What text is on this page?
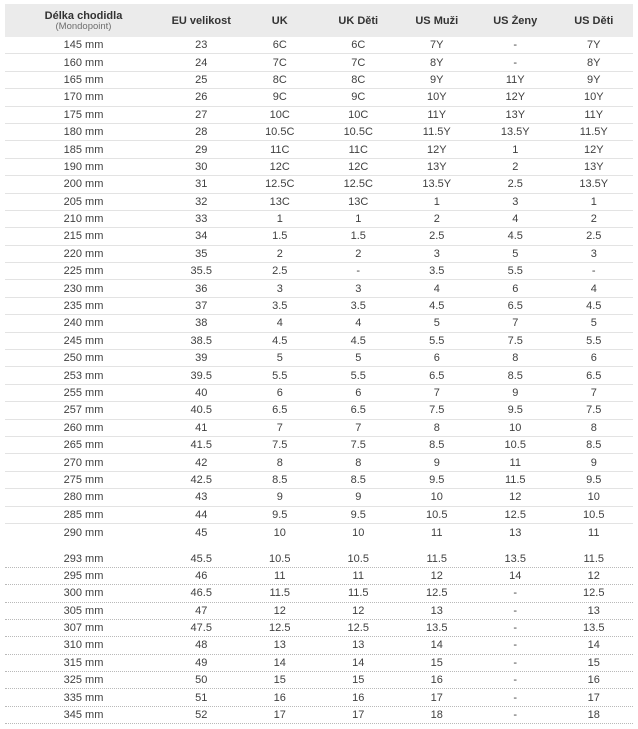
Délka chodidla
(Mondopoint)	EU velikost	UK	UK Děti	US Muži	US Ženy	US Děti
145 mm	23	6C	6C	7Y	-	7Y
160 mm	24	7C	7C	8Y	-	8Y
165 mm	25	8C	8C	9Y	11Y	9Y
170 mm	26	9C	9C	10Y	12Y	10Y
175 mm	27	10C	10C	11Y	13Y	11Y
180 mm	28	10.5C	10.5C	11.5Y	13.5Y	11.5Y
185 mm	29	11C	11C	12Y	1	12Y
190 mm	30	12C	12C	13Y	2	13Y
200 mm	31	12.5C	12.5C	13.5Y	2.5	13.5Y
205 mm	32	13C	13C	1	3	1
210 mm	33	1	1	2	4	2
215 mm	34	1.5	1.5	2.5	4.5	2.5
220 mm	35	2	2	3	5	3
225 mm	35.5	2.5	-	3.5	5.5	-
230 mm	36	3	3	4	6	4
235 mm	37	3.5	3.5	4.5	6.5	4.5
240 mm	38	4	4	5	7	5
245 mm	38.5	4.5	4.5	5.5	7.5	5.5
250 mm	39	5	5	6	8	6
253 mm	39.5	5.5	5.5	6.5	8.5	6.5
255 mm	40	6	6	7	9	7
257 mm	40.5	6.5	6.5	7.5	9.5	7.5
260 mm	41	7	7	8	10	8
265 mm	41.5	7.5	7.5	8.5	10.5	8.5
270 mm	42	8	8	9	11	9
275 mm	42.5	8.5	8.5	9.5	11.5	9.5
280 mm	43	9	9	10	12	10
285 mm	44	9.5	9.5	10.5	12.5	10.5
290 mm	45	10	10	11	13	11
293 mm	45.5	10.5	10.5	11.5	13.5	11.5
295 mm	46	11	11	12	14	12
300 mm	46.5	11.5	11.5	12.5	-	12.5
305 mm	47	12	12	13	-	13
307 mm	47.5	12.5	12.5	13.5	-	13.5
310 mm	48	13	13	14	-	14
315 mm	49	14	14	15	-	15
325 mm	50	15	15	16	-	16
335 mm	51	16	16	17	-	17
345 mm	52	17	17	18	-	18
